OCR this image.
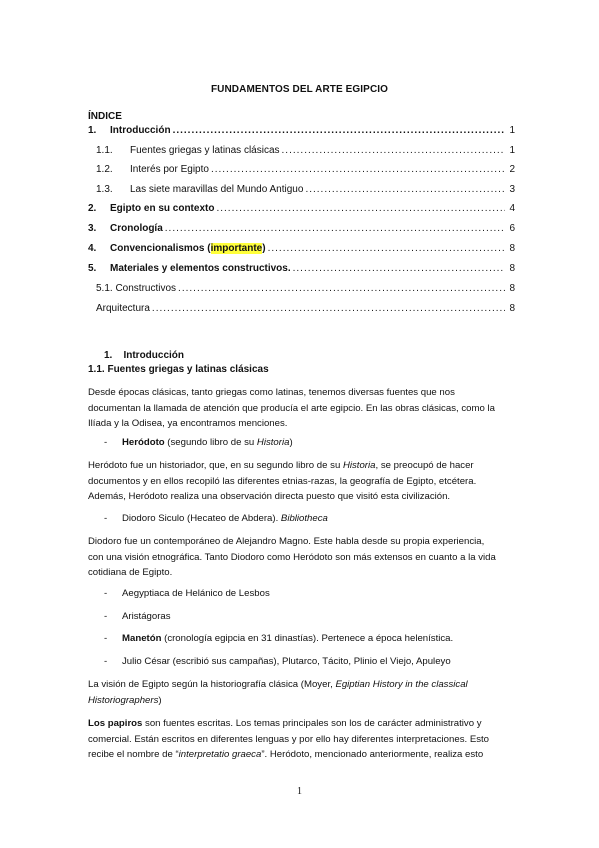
FUNDAMENTOS DEL ARTE EGIPCIO
ÍNDICE
1.	Introducción .....	1
1.1.	Fuentes griegas y latinas clásicas .....	1
1.2.	Interés por Egipto .....	2
1.3.	Las siete maravillas del Mundo Antiguo .....	3
2.	Egipto en su contexto .....	4
3.	Cronología .....	6
4.	Convencionalismos ( importante ) .....	8
5.	Materiales y elementos constructivos. .....	8
5.1. Constructivos .....	8
Arquitectura .....	8
1. Introducción
1.1. Fuentes griegas y latinas clásicas
Desde épocas clásicas, tanto griegas como latinas, tenemos diversas fuentes que nos
documentan la llamada de atención que producía el arte egipcio. En las obras clásicas, como la
Ilíada y la Odisea, ya encontramos menciones.
-	Heródoto (segundo libro de su Historia)
Heródoto fue un historiador, que, en su segundo libro de su Historia, se preocupó de hacer
documentos y en ellos recopiló las diferentes etnias-razas, la geografía de Egipto, etcétera.
Además, Heródoto realiza una observación directa puesto que visitó esta civilización.
-	Diodoro Siculo (Hecateo de Abdera). Bibliotheca
Diodoro fue un contemporáneo de Alejandro Magno. Este habla desde su propia experiencia,
con una visión etnográfica. Tanto Diodoro como Heródoto son más extensos en cuanto a la vida
cotidiana de Egipto.
-	Aegyptiaca de Helánico de Lesbos
-	Aristágoras
-	Manetón (cronología egipcia en 31 dinastías). Pertenece a época helenística.
-	Julio César (escribió sus campañas), Plutarco, Tácito, Plinio el Viejo, Apuleyo
La visión de Egipto según la historiografía clásica (Moyer, Egiptian History in the classical
Historiographers)
Los papiros son fuentes escritas. Los temas principales son los de carácter administrativo y
comercial. Están escritos en diferentes lenguas y por ello hay diferentes interpretaciones. Esto
recibe el nombre de “interpretatio graeca”. Heródoto, mencionado anteriormente, realiza esto
1
